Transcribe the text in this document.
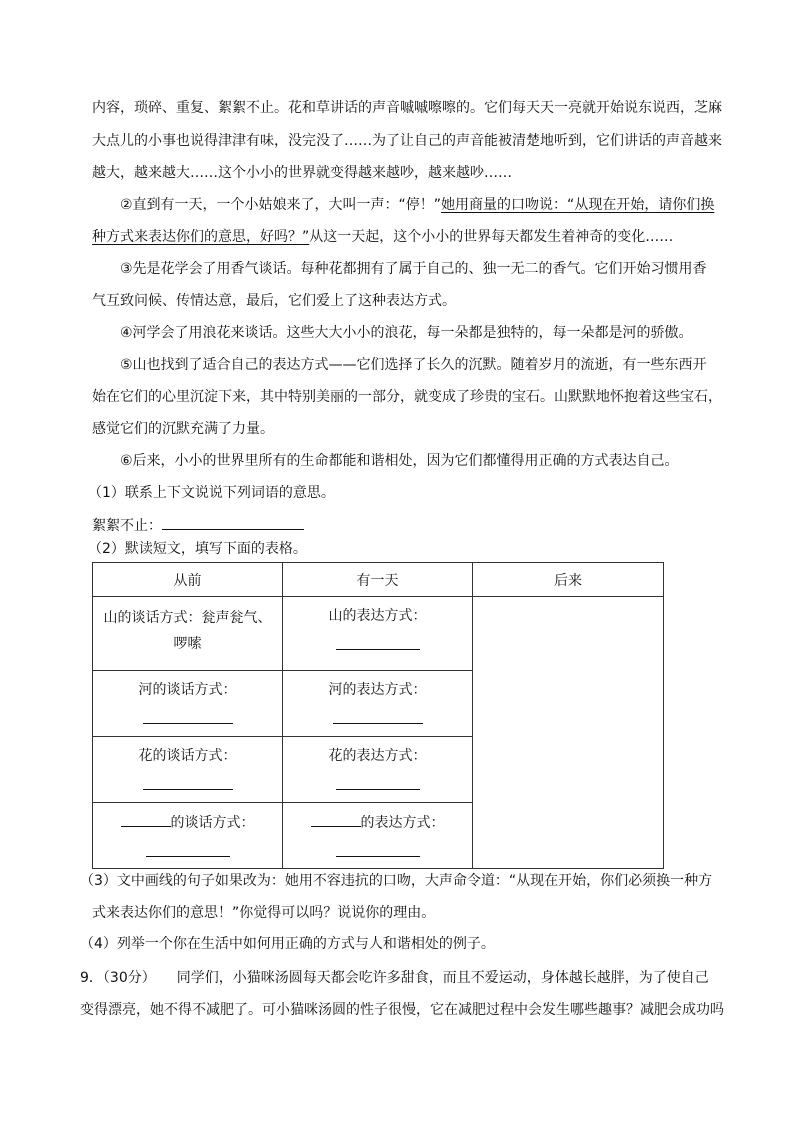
内容，琐碎、重复、絮絮不止。花和草讲话的声音嘁嘁嚓嚓的。它们每天天一亮就开始说东说西，芝麻
大点儿的小事也说得津津有味，没完没了……为了让自己的声音能被清楚地听到，它们讲话的声音越来
越大，越来越大……这个小小的世界就变得越来越吵，越来越吵……
②直到有一天，一个小姑娘来了，大叫一声：“停！”她用商量的口吻说：“从现在开始，请你们换
种方式来表达你们的意思，好吗？”从这一天起，这个小小的世界每天都发生着神奇的变化……
③先是花学会了用香气谈话。每种花都拥有了属于自己的、独一无二的香气。它们开始习惯用香
气互致问候、传情达意，最后，它们爱上了这种表达方式。
④河学会了用浪花来谈话。这些大大小小的浪花，每一朵都是独特的，每一朵都是河的骄傲。
⑤山也找到了适合自己的表达方式——它们选择了长久的沉默。随着岁月的流逝，有一些东西开
始在它们的心里沉淀下来，其中特别美丽的一部分，就变成了珍贵的宝石。山默默地怀抱着这些宝石，
感觉它们的沉默充满了力量。
⑥后来，小小的世界里所有的生命都能和谐相处，因为它们都懂得用正确的方式表达自己。
（1）联系上下文说说下列词语的意思。
絮絮不止：
（2）默读短文，填写下面的表格。
从前	有一天	后来
山的谈话方式：瓮声瓮气、啰嗦	山的表达方式：	

河的谈话方式：	河的表达方式：	

花的谈话方式：	花的表达方式：	

的谈话方式：	的表达方式：	
（3）文中画线的句子如果改为：她用不容违抗的口吻，大声命令道：“从现在开始，你们必须换一种方
式来表达你们的意思！”你觉得可以吗？说说你的理由。
（4）列举一个你在生活中如何用正确的方式与人和谐相处的例子。
9．（30分）　　同学们，小猫咪汤圆每天都会吃许多甜食，而且不爱运动，身体越长越胖，为了使自己
变得漂亮，她不得不减肥了。可小猫咪汤圆的性子很慢，它在减肥过程中会发生哪些趣事？减肥会成功吗
